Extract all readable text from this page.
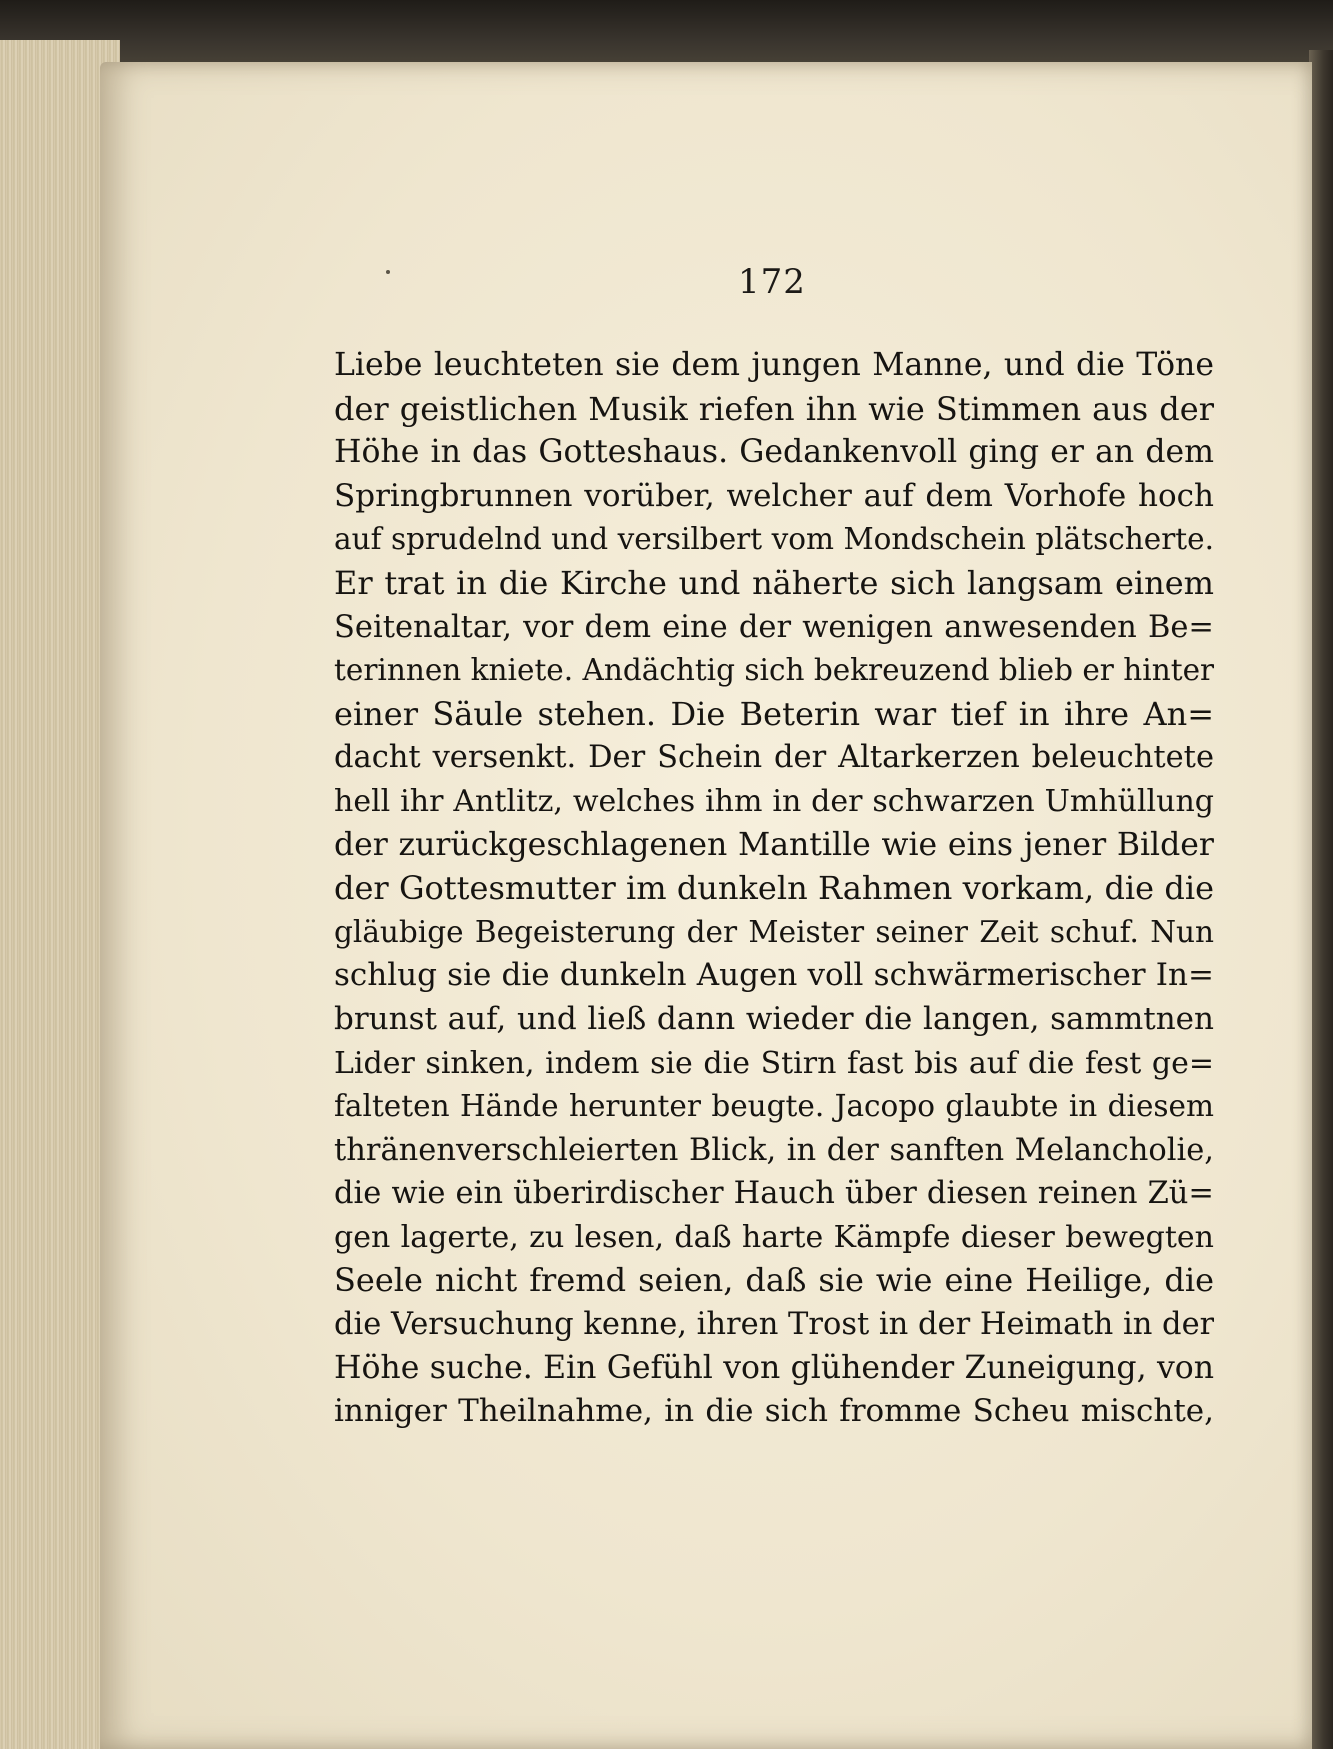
172
Liebe leuchteten sie dem jungen Manne, und die Töne
der geistlichen Musik riefen ihn wie Stimmen aus der
Höhe in das Gotteshaus. Gedankenvoll ging er an dem
Springbrunnen vorüber, welcher auf dem Vorhofe hoch
auf sprudelnd und versilbert vom Mondschein plätscherte.
Er trat in die Kirche und näherte sich langsam einem
Seitenaltar, vor dem eine der wenigen anwesenden Be=
terinnen kniete. Andächtig sich bekreuzend blieb er hinter
einer Säule stehen. Die Beterin war tief in ihre An=
dacht versenkt. Der Schein der Altarkerzen beleuchtete
hell ihr Antlitz, welches ihm in der schwarzen Umhüllung
der zurückgeschlagenen Mantille wie eins jener Bilder
der Gottesmutter im dunkeln Rahmen vorkam, die die
gläubige Begeisterung der Meister seiner Zeit schuf. Nun
schlug sie die dunkeln Augen voll schwärmerischer In=
brunst auf, und ließ dann wieder die langen, sammtnen
Lider sinken, indem sie die Stirn fast bis auf die fest ge=
falteten Hände herunter beugte. Jacopo glaubte in diesem
thränenverschleierten Blick, in der sanften Melancholie,
die wie ein überirdischer Hauch über diesen reinen Zü=
gen lagerte, zu lesen, daß harte Kämpfe dieser bewegten
Seele nicht fremd seien, daß sie wie eine Heilige, die
die Versuchung kenne, ihren Trost in der Heimath in der
Höhe suche. Ein Gefühl von glühender Zuneigung, von
inniger Theilnahme, in die sich fromme Scheu mischte,
